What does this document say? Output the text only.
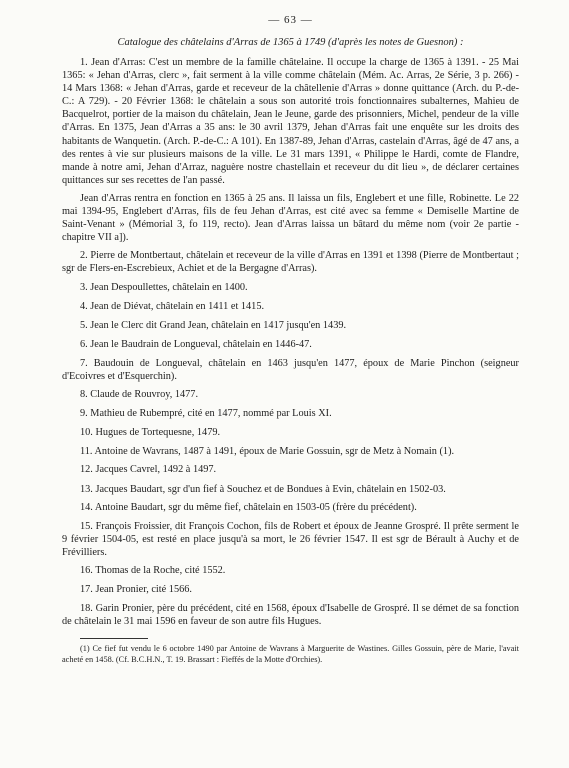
— 63 —
Catalogue des châtelains d'Arras de 1365 à 1749 (d'après les notes de Guesnon) :

1. Jean d'Arras: C'est un membre de la famille châtelaine. Il occupe la charge de 1365 à 1391. - 25 Mai 1365: « Jehan d'Arras, clerc », fait serment à la ville comme châtelain (Mém. Ac. Arras, 2e Série, 3 p. 266) - 14 Mars 1368: « Jehan d'Arras, garde et receveur de la châtellenie d'Arras » donne quittance (Arch. du P.-de-C.: A 729). - 20 Février 1368: le châtelain a sous son autorité trois fonctionnaires subalternes, Mahieu de Bacquelrot, portier de la maison du châtelain, Jean le Jeune, garde des prisonniers, Michel, pendeur de la ville d'Arras. En 1375, Jean d'Arras a 35 ans: le 30 avril 1379, Jehan d'Arras fait une enquête sur les droits des habitants de Wanquetin. (Arch. P.-de-C.: A 101). En 1387-89, Jehan d'Arras, castelain d'Arras, âgé de 47 ans, a des rentes à vie sur plusieurs maisons de la ville. Le 31 mars 1391, « Philippe le Hardi, comte de Flandre, mande à notre ami, Jehan d'Arraz, naguère nostre chastellain et receveur du dit lieu », de déclarer certaines quittances sur ses recettes de l'an passé.

Jean d'Arras rentra en fonction en 1365 à 25 ans. Il laissa un fils, Englebert et une fille, Robinette. Le 22 mai 1394-95, Englebert d'Arras, fils de feu Jehan d'Arras, est cité avec sa femme « Demiselle Martine de Saint-Venant » (Mémorial 3, fo 119, recto). Jean d'Arras laissa un bâtard du même nom (voir 2e partie - chapitre VII a]).

2. Pierre de Montbertaut, châtelain et receveur de la ville d'Arras en 1391 et 1398 (Pierre de Montbertaut ; sgr de Flers-en-Escrebieux, Achiet et de la Bergagne d'Arras).

3. Jean Despoullettes, châtelain en 1400.

4. Jean de Diévat, châtelain en 1411 et 1415.

5. Jean le Clerc dit Grand Jean, châtelain en 1417 jusqu'en 1439.

6. Jean le Baudrain de Longueval, châtelain en 1446-47.

7. Baudouin de Longueval, châtelain en 1463 jusqu'en 1477, époux de Marie Pinchon (seigneur d'Ecoivres et d'Esquerchin).

8. Claude de Rouvroy, 1477.

9. Mathieu de Rubempré, cité en 1477, nommé par Louis XI.

10. Hugues de Tortequesne, 1479.

11. Antoine de Wavrans, 1487 à 1491, époux de Marie Gossuin, sgr de Metz à Nomain (1).

12. Jacques Cavrel, 1492 à 1497.

13. Jacques Baudart, sgr d'un fief à Souchez et de Bondues à Evin, châtelain en 1502-03.

14. Antoine Baudart, sgr du même fief, châtelain en 1503-05 (frère du précédent).

15. François Froissier, dit François Cochon, fils de Robert et époux de Jeanne Grospré. Il prête serment le 9 février 1504-05, est resté en place jusqu'à sa mort, le 26 février 1547. Il est sgr de Bérault à Auchy et de Frévilliers.

16. Thomas de la Roche, cité 1552.

17. Jean Pronier, cité 1566.

18. Garin Pronier, père du précédent, cité en 1568, époux d'Isabelle de Grospré. Il se démet de sa fonction de châtelain le 31 mai 1596 en faveur de son autre fils Hugues.

(1) Ce fief fut vendu le 6 octobre 1490 par Antoine de Wavrans à Marguerite de Wastines. Gilles Gossuin, père de Marie, l'avait acheté en 1458. (Cf. B.C.H.N., T. 19. Brassart : Fieffés de la Motte d'Orchies).
